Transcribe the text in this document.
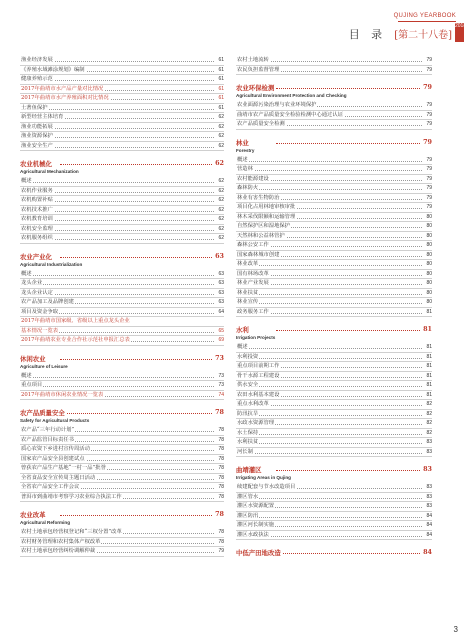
QUJING YEARBOOK
2018
目 录 [第二十八卷]
渔业经济发展	61
《养殖水域滩涂规划》编制	61
健康养殖示范	61
2017年曲靖市水产品产量对比情况	61
2017年曲靖市水产养殖面积对比情况	61
土著鱼保护	61
新型经营主体培育	62
渔业功能拓展	62
渔业资源保护	62
渔业安全生产	62
农业机械化	62
Agricultural Mechanization
概述	62
农机作业服务	62
农机购置补贴	62
农机技术推广	62
农机教育培训	62
农机安全监理	62
农机服务组织	62
农业产业化	63
Agricultural Industrialization
概述	63
龙头企业	63
龙头企业认定	63
农产品加工及品牌创建	63
项目及资金争取	64
2017年曲靖市国家级、省级以上重点龙头企业
基本情况一览表	65
2017年曲靖农业专业合作社示范社申报汇总表	69
休闲农业	73
Agriculture of Leisure
概述	73
重点项目	73
2017年曲靖市休闲农业情况一览表	74
农产品质量安全	78
Safety for Agricultural Products
农产品“三年行动计划”	78
农产品监管目标责任书	78
质心农资下乡进村宣传周活动	78
国家农产品安全县创建试点	78
曾获农产品生产基地“一村一品”批誉	78
全省食品安全宣传周主题日活动	78
全省农产品安全工作会议	78
普洱市到曲靖市考察学习农业综合执法工作	78
农业改革	78
Agricultural Reforming
农村土地承包经营权登记和“三权分置”改革	78
农村财务管理和农村集体产权改革	78
农村土地承包经营纠纷调解仲裁	79
农村土地流转	79
农民负担监督管理	79
农业环保检测	79
Agricultural Environment Protection and Checking
农业面源污染治理与农业环境保护	79
曲靖市农产品质量安全检验检测中心通过认证	79
农产品质量安全检测	79
林业	79
Forestry
概述	79
营造林	79
农村能源建设	79
森林防火	79
林业有害生物防治	79
项目化占用林地审核审批	79
林木采伐限额和运输管理	80
自然保护区和湿地保护	80
天然林和公益林管护	80
森林公安工作	80
国家森林城市创建	80
林业改革	80
国有林场改革	80
林业产业发展	80
林业扶贫	80
林业宣传	80
政务服务工作	81
水利	81
Irrigation Projects
概述	81
水利投资	81
重点项目前期工作	81
骨干水源工程建设	81
供水安全	81
农田水利基本建设	81
重点水利改革	82
防汛抗旱	82
水政水资源管理	82
水土保持	82
水利扶贫	83
河长制	83
曲靖灌区	83
Irrigating Areas in Qujing
续建配套与节水改造项目	83
灌区管水	83
灌区水资源配置	83
灌区防汛	84
灌区河长制实施	84
灌区水政执法	84
中低产田地改造	84
3
